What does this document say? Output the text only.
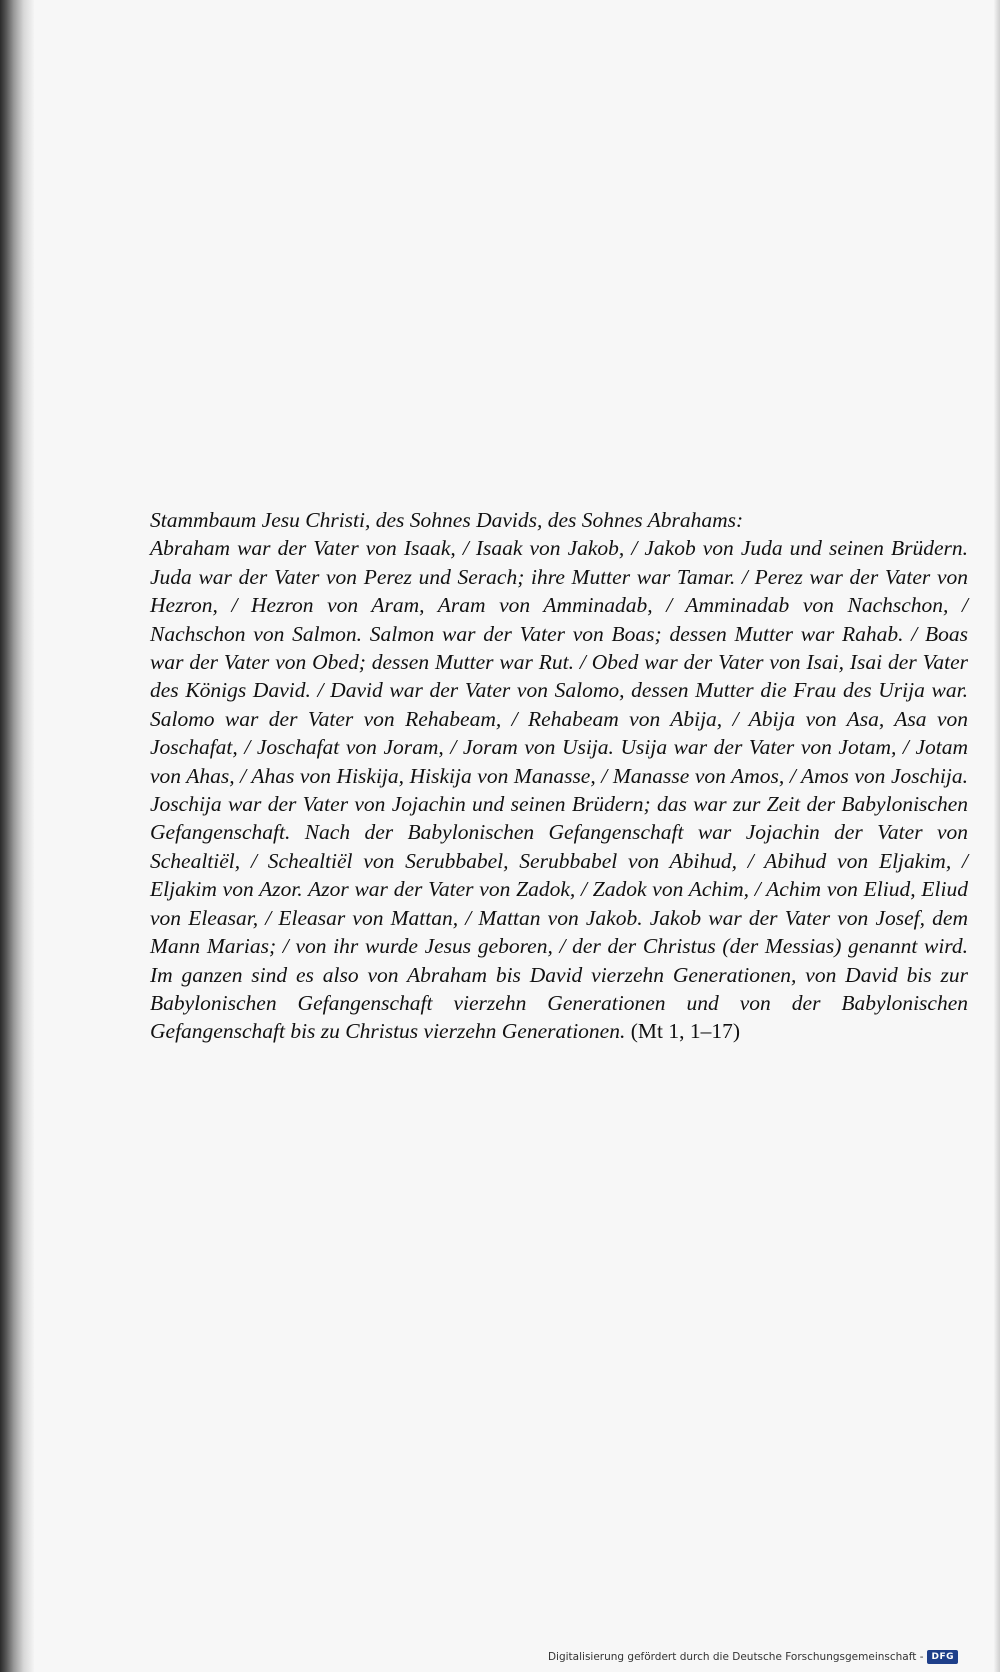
Stammbaum Jesu Christi, des Sohnes Davids, des Sohnes Abrahams:
Abraham war der Vater von Isaak, / Isaak von Jakob, / Jakob von Juda und seinen Brüdern. Juda war der Vater von Perez und Serach; ihre Mutter war Tamar. / Perez war der Vater von Hezron, / Hezron von Aram, Aram von Amminadab, / Amminadab von Nachschon, / Nachschon von Salmon. Salmon war der Vater von Boas; dessen Mutter war Rahab. / Boas war der Vater von Obed; dessen Mutter war Rut. / Obed war der Vater von Isai, Isai der Vater des Königs David. / David war der Vater von Salomo, dessen Mutter die Frau des Urija war. Salomo war der Vater von Rehabeam, / Rehabeam von Abija, / Abija von Asa, Asa von Joschafat, / Joschafat von Joram, / Joram von Usija. Usija war der Vater von Jotam, / Jotam von Ahas, / Ahas von Hiskija, Hiskija von Manasse, / Manasse von Amos, / Amos von Joschija. Joschija war der Vater von Jojachin und seinen Brüdern; das war zur Zeit der Babylonischen Gefangenschaft. Nach der Babylonischen Gefangenschaft war Jojachin der Vater von Schealtiël, / Schealtiël von Serubbabel, Serubbabel von Abihud, / Abihud von Eljakim, / Eljakim von Azor. Azor war der Vater von Zadok, / Zadok von Achim, / Achim von Eliud, Eliud von Eleasar, / Eleasar von Mattan, / Mattan von Jakob. Jakob war der Vater von Josef, dem Mann Marias; / von ihr wurde Jesus geboren, / der der Christus (der Messias) genannt wird. Im ganzen sind es also von Abraham bis David vierzehn Generationen, von David bis zur Babylonischen Gefangenschaft vierzehn Generationen und von der Babylonischen Gefangenschaft bis zu Christus vierzehn Generationen. (Mt 1, 1–17)
Digitalisierung gefördert durch die Deutsche Forschungsgemeinschaft - DFG
